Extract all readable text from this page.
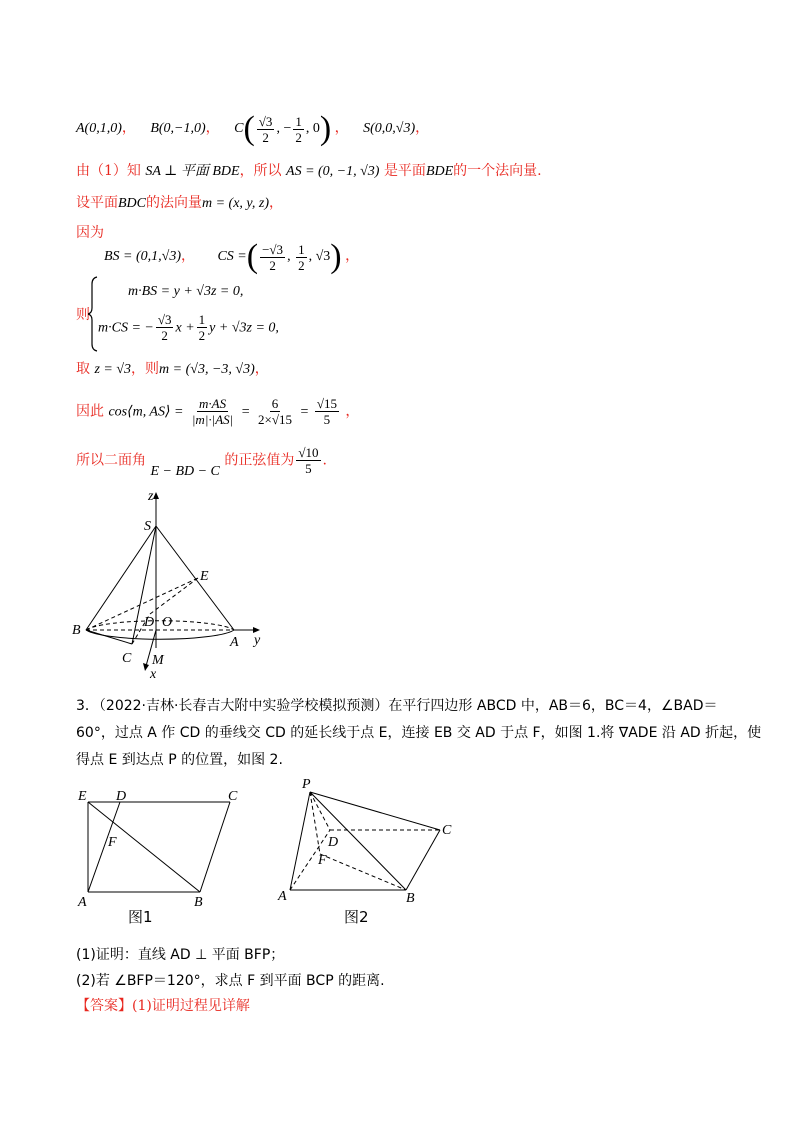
A(0,1,0)， B(0,−1,0)， $C( \frac{√3}{2}$ , − $\frac{1}{2}$ , 0) ， S(0,0,√3)，
由（1）知 SA ⊥ 平面 BDE，所以 AS = (0, −1, √3) 是平面BDE的一个法向量.
设平面BDC的法向量m = (x, y, z)，
因为
BS = (0,1,√3)， CS =( $\frac{-√3}{2}$ , $\frac{1}{2}$ , √3) ，
则
m·BS = y + √3z = 0,
m·CS = − $\frac{√3}{2}$ $x + \frac{1}{2}$ y + √3z = 0,
取 z = √3，则m = (√3, −3, √3)，
因此 cos⟨m, AS⟩ = $\frac{m\cdot AS}{|m|\cdot|AS|} = \frac{6}{2\times√15} = \frac{√15}{5}$ ，
所以二面角 E − BD − C 的正弦值为 $\frac{√10}{5}$ .
z
S
E
B
D O
A y
C M
x
3．（2022·吉林·长春吉大附中实验学校模拟预测）在平行四边形 ABCD 中，AB＝6，BC＝4，∠BAD＝
60°，过点 A 作 CD 的垂线交 CD 的延长线于点 E，连接 EB 交 AD 于点 F，如图 1.将 ∇ADE 沿 AD 折起，使
得点 E 到达点 P 的位置，如图 2.
E D	C
F
A	B
图1
P
C
D
F
A	B
图2
(1)证明：直线 AD ⊥ 平面 BFP；
(2)若 ∠BFP＝120°，求点 F 到平面 BCP 的距离.
【答案】(1)证明过程见详解
